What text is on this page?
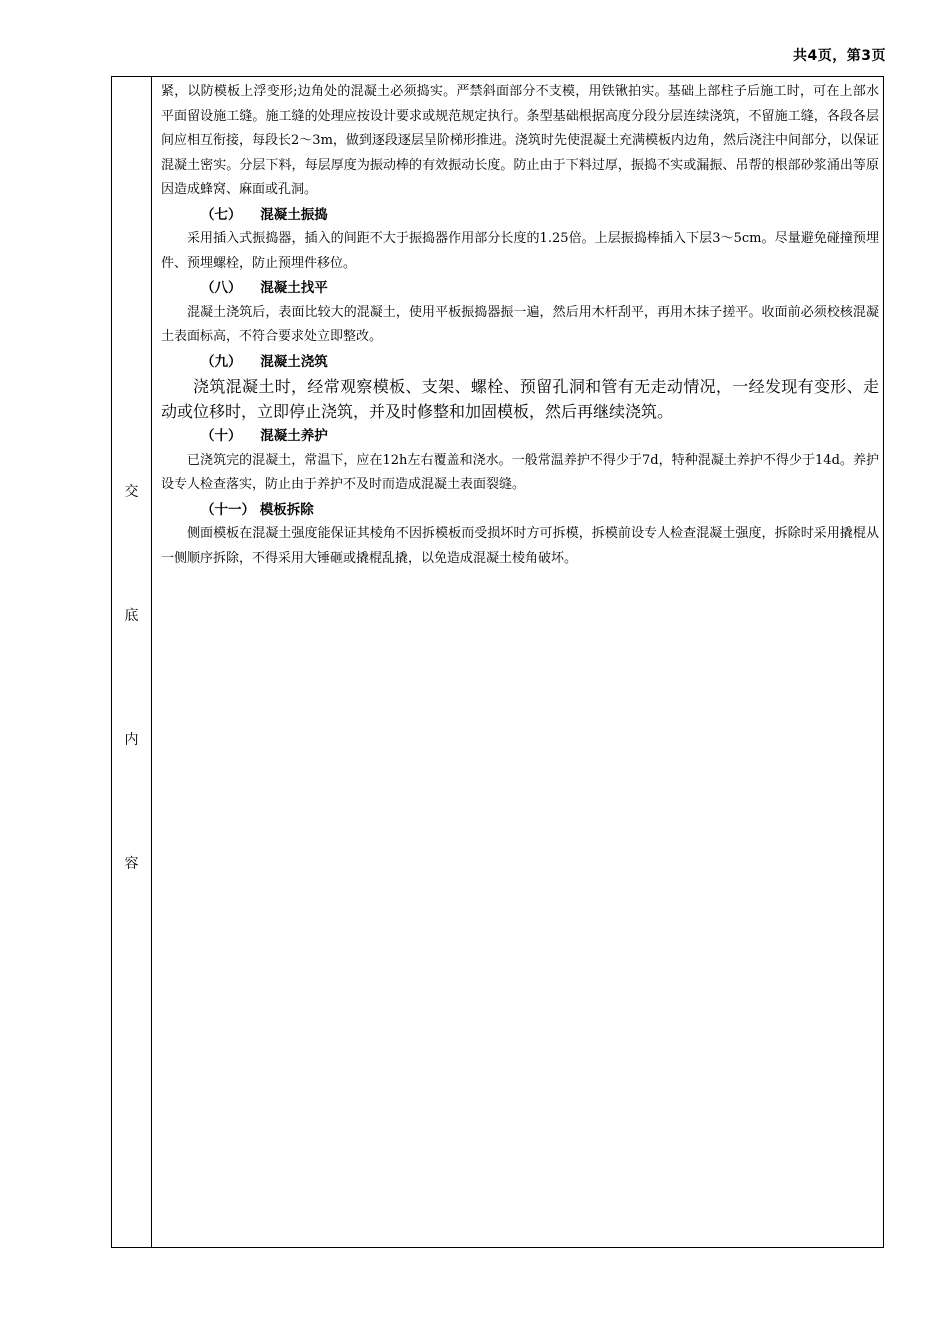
共4页，第3页
交
底
内
容

紧，以防模板上浮变形;边角处的混凝土必须捣实。严禁斜面部分不支模，用铁锹拍实。基础上部柱子后施工时，可在上部水平面留设施工缝。施工缝的处理应按设计要求或规范规定执行。条型基础根据高度分段分层连续浇筑，不留施工缝，各段各层间应相互衔接，每段长2～3m，做到逐段逐层呈阶梯形推进。浇筑时先使混凝土充满模板内边角，然后浇注中间部分，以保证混凝土密实。分层下料，每层厚度为振动棒的有效振动长度。防止由于下料过厚，振捣不实或漏振、吊帮的根部砂浆涌出等原因造成蜂窝、麻面或孔洞。

（七）    混凝土振捣

采用插入式振捣器，插入的间距不大于振捣器作用部分长度的1.25倍。上层振捣棒插入下层3～5cm。尽量避免碰撞预埋件、预埋螺栓，防止预埋件移位。

（八）    混凝土找平

混凝土浇筑后，表面比较大的混凝土，使用平板振捣器振一遍，然后用木杆刮平，再用木抹子搓平。收面前必须校核混凝土表面标高，不符合要求处立即整改。

（九）    混凝土浇筑

浇筑混凝土时，经常观察模板、支架、螺栓、预留孔洞和管有无走动情况，一经发现有变形、走动或位移时，立即停止浇筑，并及时修整和加固模板，然后再继续浇筑。

（十）    混凝土养护

已浇筑完的混凝土，常温下，应在12h左右覆盖和浇水。一般常温养护不得少于7d，特种混凝土养护不得少于14d。养护设专人检查落实，防止由于养护不及时而造成混凝土表面裂缝。

（十一） 模板拆除

侧面模板在混凝土强度能保证其棱角不因拆模板而受损坏时方可拆模，拆模前设专人检查混凝土强度，拆除时采用撬棍从一侧顺序拆除，不得采用大锤砸或撬棍乱撬，以免造成混凝土棱角破坏。
